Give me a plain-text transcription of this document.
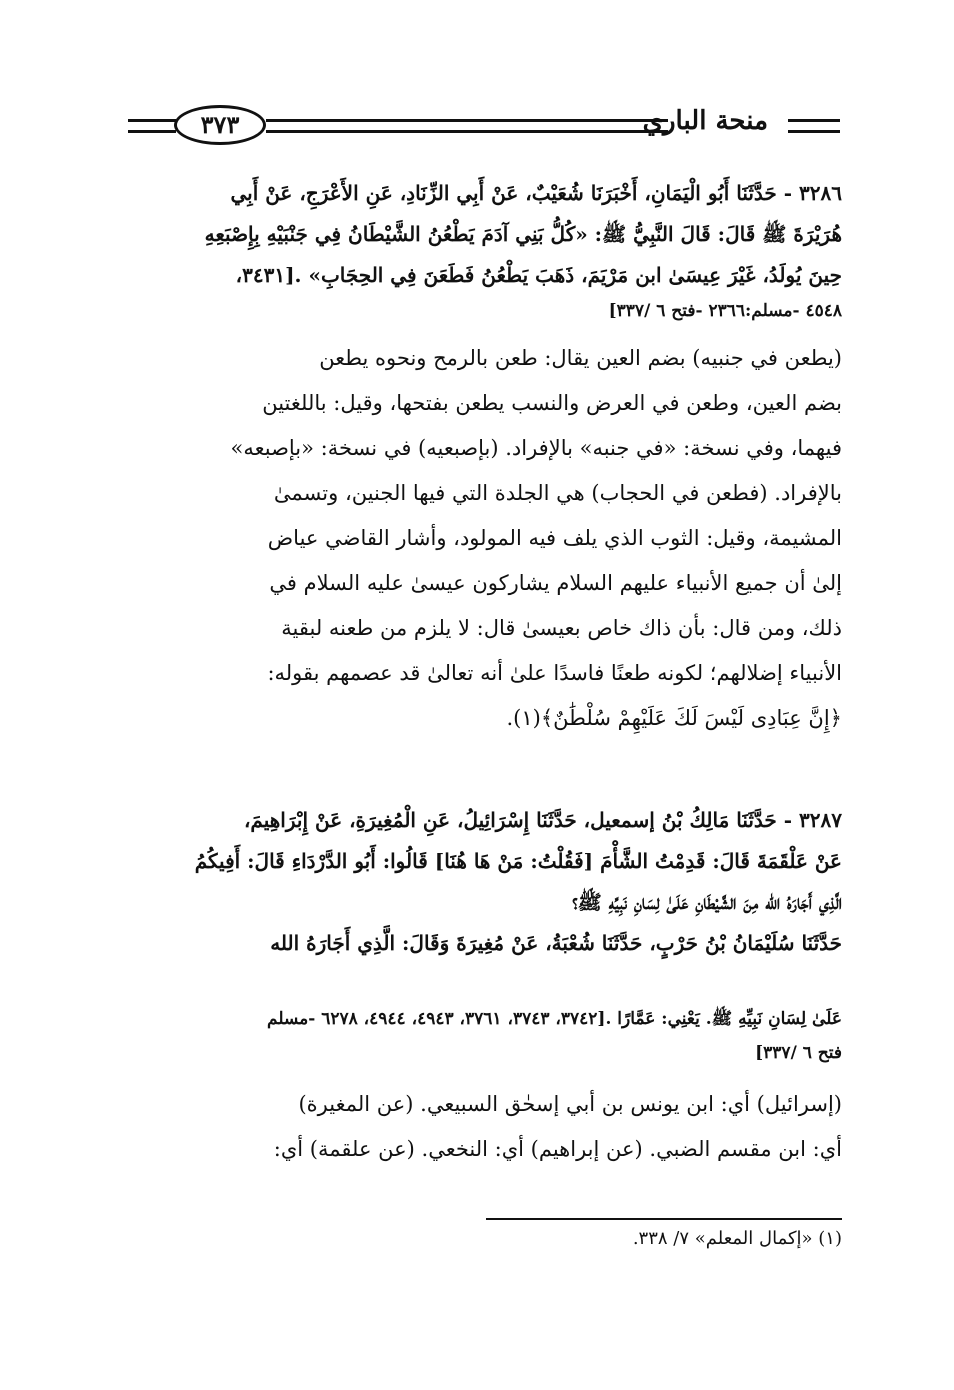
٣٧٣	منحة الباري
٣٢٨٦ - حَدَّثَنَا أَبُو الْيَمَانِ، أَخْبَرَنَا شُعَيْبٌ، عَنْ أَبِي الزِّنَادِ، عَنِ الأَعْرَجِ، عَنْ أَبِي
هُرَيْرَةَ ﷺ قَالَ: قَالَ النَّبِيُّ ﷺ: «كُلُّ بَنِي آدَمَ يَطْعُنُ الشَّيْطَانُ فِي جَنْبَيْهِ بِإِصْبَعِهِ
حِينَ يُولَدُ، غَيْرَ عِيسَىٰ ابن مَرْيَمَ، ذَهَبَ يَطْعُنُ فَطَعَنَ فِي الحِجَابِ» .[٣٤٣١،
٤٥٤٨ -مسلم:٢٣٦٦ -فتح ٦ /٣٣٧]
(يطعن في جنبيه) بضم العين يقال: طعن بالرمح ونحوه يطعن
بضم العين، وطعن في العرض والنسب يطعن بفتحها، وقيل: باللغتين
فيهما، وفي نسخة: «في جنبه» بالإفراد. (بإصبعيه) في نسخة: «بإصبعه»
بالإفراد. (فطعن في الحجاب) هي الجلدة التي فيها الجنين، وتسمىٰ
المشيمة، وقيل: الثوب الذي يلف فيه المولود، وأشار القاضي عياض
إلىٰ أن جميع الأنبياء عليهم السلام يشاركون عيسىٰ عليه السلام في
ذلك، ومن قال: بأن ذاك خاص بعيسىٰ قال: لا يلزم من طعنه لبقية
الأنبياء إضلالهم؛ لكونه طعنًا فاسدًا علىٰ أنه تعالىٰ قد عصمهم بقوله:
﴿إِنَّ عِبَادِى لَيْسَ لَكَ عَلَيْهِمْ سُلْطَٰنٌ﴾(١).
٣٢٨٧ - حَدَّثَنَا مَالِكُ بْنُ إسمعيل، حَدَّثَنَا إِسْرَائِيلُ، عَنِ الْمُغِيرَةِ، عَنْ إِبْرَاهِيمَ،
عَنْ عَلْقَمَةَ قَالَ: قَدِمْتُ الشَّأْمَ [فَقُلْتُ: مَنْ هَا هُنَا] قَالُوا: أَبُو الدَّرْدَاءِ قَالَ: أَفِيكُمُ
الَّذِي أَجَارَهُ الله مِنَ الشَّيْطَانِ عَلَىٰ لِسَانِ نَبِيِّهِ ﷺ؟
حَدَّثَنَا سُلَيْمَانُ بْنُ حَرْبٍ، حَدَّثَنَا شُعْبَةُ، عَنْ مُغِيرَةَ وَقَالَ: الَّذِي أَجَارَهُ الله
عَلَىٰ لِسَانِ نَبِيِّهِ ﷺ. يَعْنِي: عَمَّارًا .[٣٧٤٢، ٣٧٤٣، ٣٧٦١، ٤٩٤٣، ٤٩٤٤، ٦٢٧٨ -مسلم
فتح ٦ /٣٣٧]
(إسرائيل) أي: ابن يونس بن أبي إسحٰق السبيعي. (عن المغيرة)
أي: ابن مقسم الضبي. (عن إبراهيم) أي: النخعي. (عن علقمة) أي:
(١) «إكمال المعلم» ٧/ ٣٣٨.
